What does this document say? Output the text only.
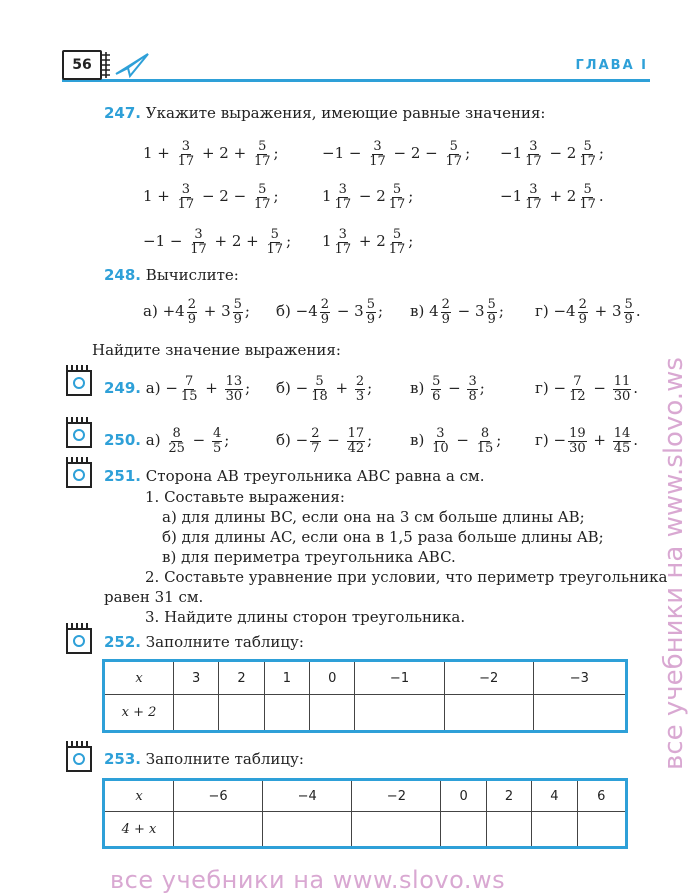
56	ГЛАВА I
247. Укажите выражения, имеющие равные значения:
$1 + \frac{3}{17} + 2 + \frac{5}{17}$ ;	$-1 - \frac{3}{17} - 2 - \frac{5}{17}$ ; $-1 \frac{3}{17} - 2 \frac{5}{17}$ ;
$1 + \frac{3}{17} - 2 - \frac{5}{17}$ ;	$1 \frac{3}{17} - 2 \frac{5}{17}$ ;	$-1 \frac{3}{17} + 2 \frac{5}{17}$ .
$-1 - \frac{3}{17} + 2 + \frac{5}{17}$ ; $1 \frac{3}{17} + 2 \frac{5}{17}$ ;
248. Вычислите:
$а) +4 \frac{2}{9} + 3 \frac{5}{9}$ ; $б) -4 \frac{2}{9} - 3 \frac{5}{9}$ ; в) $4 \frac{2}{9} - 3 \frac{5}{9}$ ; $г) -4 \frac{2}{9} + 3 \frac{5}{9}$ .
Найдите значение выражения:
249. $а) - \frac{7}{15} + \frac{13}{30}$ ; $б) - \frac{5}{18} + \frac{2}{3}$ ;	$в) \frac{5}{6} - \frac{3}{8}$ ;	$г) - \frac{7}{12} - \frac{11}{30}$ .
250. $а) \frac{8}{25} - \frac{4}{5}$ ;	$б) - \frac{2}{7} - \frac{17}{42}$ ;	$в) \frac{3}{10} - \frac{8}{15}$ ; $г) - \frac{19}{30} + \frac{14}{45}$ .
251. Сторона AB треугольника ABC равна a см.
1. Составьте выражения:
а) для длины BC, если она на 3 см больше длины AB;
б) для длины AC, если она в 1,5 раза больше длины AB;
в) для периметра треугольника ABC.
2. Составьте уравнение при условии, что периметр треугольника
равен 31 см.
3. Найдите длины сторон треугольника.
252. Заполните таблицу:
x	3	2	1	0	−1	−2	−3
x + 2							
253. Заполните таблицу:
x	−6	−4	−2	0	2	4	6
4 + x							
все учебники на www.slovo.ws
все учебники на www.slovo.ws
